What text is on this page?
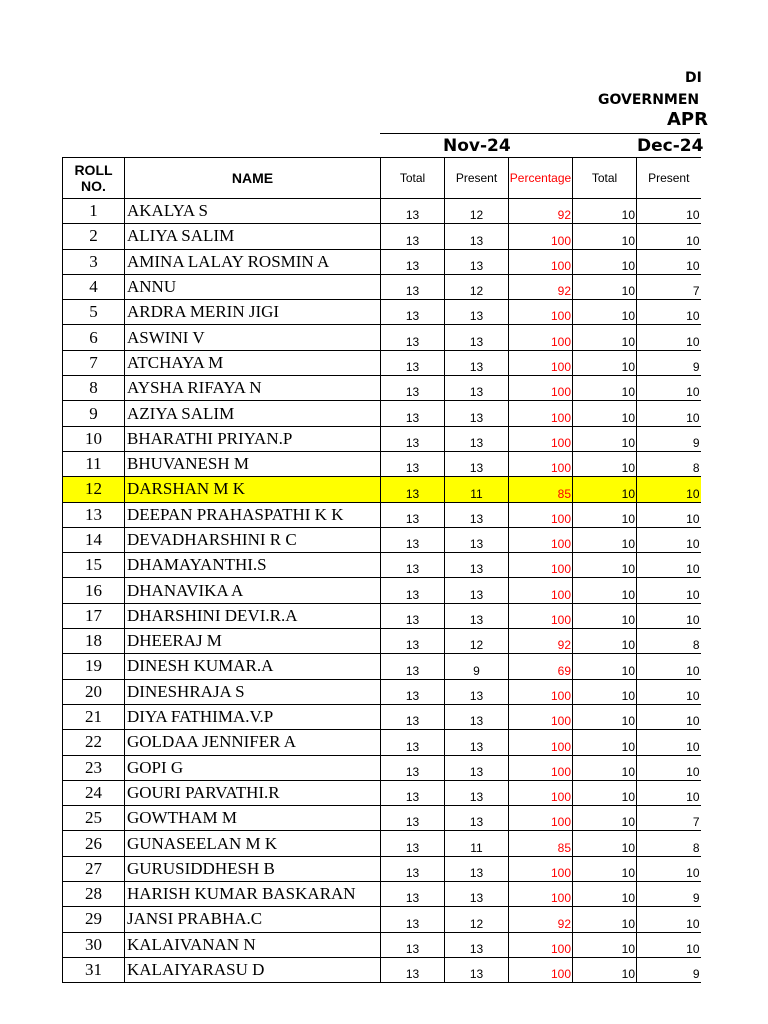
DI
GOVERNMEN
APR
Nov-24	Dec-24
ROLL NO.	NAME	Total	Present	Percentage	Total	Present
1	AKALYA S	13	12	92	10	10
2	ALIYA SALIM	13	13	100	10	10
3	AMINA LALAY ROSMIN A	13	13	100	10	10
4	ANNU	13	12	92	10	7
5	ARDRA MERIN JIGI	13	13	100	10	10
6	ASWINI V	13	13	100	10	10
7	ATCHAYA M	13	13	100	10	9
8	AYSHA RIFAYA N	13	13	100	10	10
9	AZIYA SALIM	13	13	100	10	10
10	BHARATHI PRIYAN.P	13	13	100	10	9
11	BHUVANESH M	13	13	100	10	8
12	DARSHAN M K	13	11	85	10	10
13	DEEPAN PRAHASPATHI K K	13	13	100	10	10
14	DEVADHARSHINI R C	13	13	100	10	10
15	DHAMAYANTHI.S	13	13	100	10	10
16	DHANAVIKA A	13	13	100	10	10
17	DHARSHINI DEVI.R.A	13	13	100	10	10
18	DHEERAJ M	13	12	92	10	8
19	DINESH KUMAR.A	13	9	69	10	10
20	DINESHRAJA S	13	13	100	10	10
21	DIYA FATHIMA.V.P	13	13	100	10	10
22	GOLDAA JENNIFER A	13	13	100	10	10
23	GOPI G	13	13	100	10	10
24	GOURI PARVATHI.R	13	13	100	10	10
25	GOWTHAM M	13	13	100	10	7
26	GUNASEELAN M K	13	11	85	10	8
27	GURUSIDDHESH B	13	13	100	10	10
28	HARISH KUMAR BASKARAN	13	13	100	10	9
29	JANSI PRABHA.C	13	12	92	10	10
30	KALAIVANAN N	13	13	100	10	10
31	KALAIYARASU D	13	13	100	10	9
